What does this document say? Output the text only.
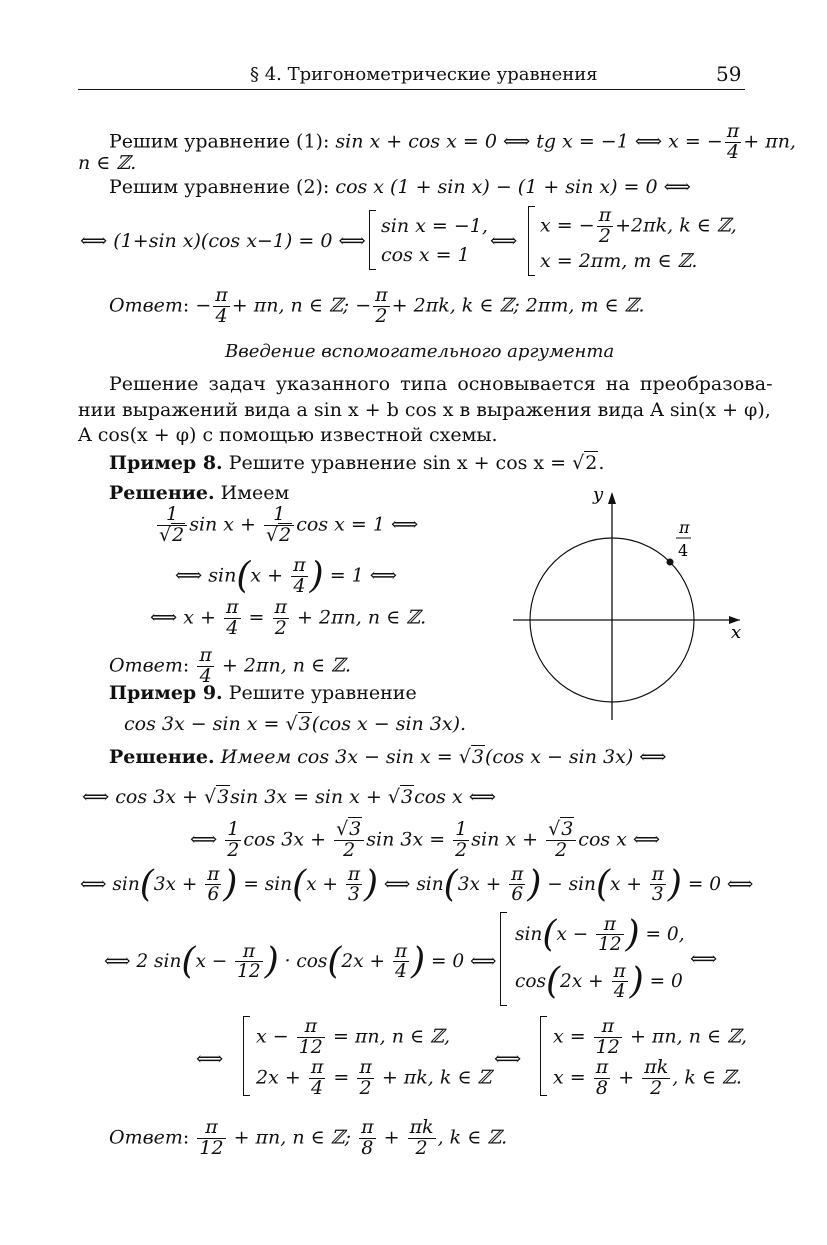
§ 4. Тригонометрические уравнения	59
Решим уравнение (1): sin x + cos x = 0 ⟺ tg x = −1 ⟺ x = − $\frac{\pi}{4} + \pi n$,
n ∈ ℤ.
Решим уравнение (2): cos x (1 + sin x) − (1 + sin x) = 0 ⟺
⟺ (1+sin x)(cos x−1) = 0 ⟺
sin x = −1,
cos x = 1
⟺
x = − $\frac{\pi}{2} +2\pi k$, k ∈ ℤ,
x = 2πm, m ∈ ℤ.
Ответ: − $\frac{\pi}{4} + \pi n$, n ∈ ℤ; − $\frac{\pi}{2} + 2\pi k$, k ∈ ℤ; 2πm, m ∈ ℤ.
Введение вспомогательного аргумента
Решение задач указанного типа основывается на преобразова-
нии выражений вида a sin x + b cos x в выражения вида A sin(x + φ),
A cos(x + φ) с помощью известной схемы.
Пример 8. Решите уравнение sin x + cos x = √2.
Решение. Имеем
$\frac{1}{√2}$ $\sin x + \frac{1}{√2}$ cos x = 1 ⟺
⟺ $\sin(x + \frac{\pi}{4}$ ) = 1 ⟺
⟺ $x + \frac{\pi}{4} = \frac{\pi}{2} + 2\pi n$, n ∈ ℤ.
Ответ: $\frac{\pi}{4} + 2\pi n$, n ∈ ℤ.
y
x
π
4
Пример 9. Решите уравнение
cos 3x − sin x = √3(cos x − sin 3x).
Решение. Имеем cos 3x − sin x = √3(cos x − sin 3x) ⟺
⟺ cos 3x + √3sin 3x = sin x + √3cos x ⟺
⟺ $\frac{1}{2}$ $\cos 3x + \frac{√3}{2}$ $\sin 3x = \frac{1}{2}$ $\sin x + \frac{√3}{2}$ cos x ⟺
⟺ $\sin(3x + \frac{\pi}{6}$ ) = $\sin(x + \frac{\pi}{3}$ ) ⟺ $\sin(3x + \frac{\pi}{6}$ ) − $\sin(x + \frac{\pi}{3}$ ) = 0 ⟺
⟺ 2 $\sin(x - \frac{\pi}{12}$ ) · $\cos(2x + \frac{\pi}{4}$ ) = 0 ⟺
$\sin(x - \frac{\pi}{12}$ ) = 0,
$\cos(2x + \frac{\pi}{4}$ ) = 0
⟺
⟺
$x - \frac{\pi}{12} = \pi n$, n ∈ ℤ,
$2x + \frac{\pi}{4} = \frac{\pi}{2} + \pi k$, k ∈ ℤ
⟺
$x = \frac{\pi}{12} + \pi n$, n ∈ ℤ,
$x = \frac{\pi}{8} + \frac{\pi k}{2}$ , k ∈ ℤ.
Ответ: $\frac{\pi}{12} + \pi n$, n ∈ ℤ; $\frac{\pi}{8} + \frac{\pi k}{2}$ , k ∈ ℤ.
